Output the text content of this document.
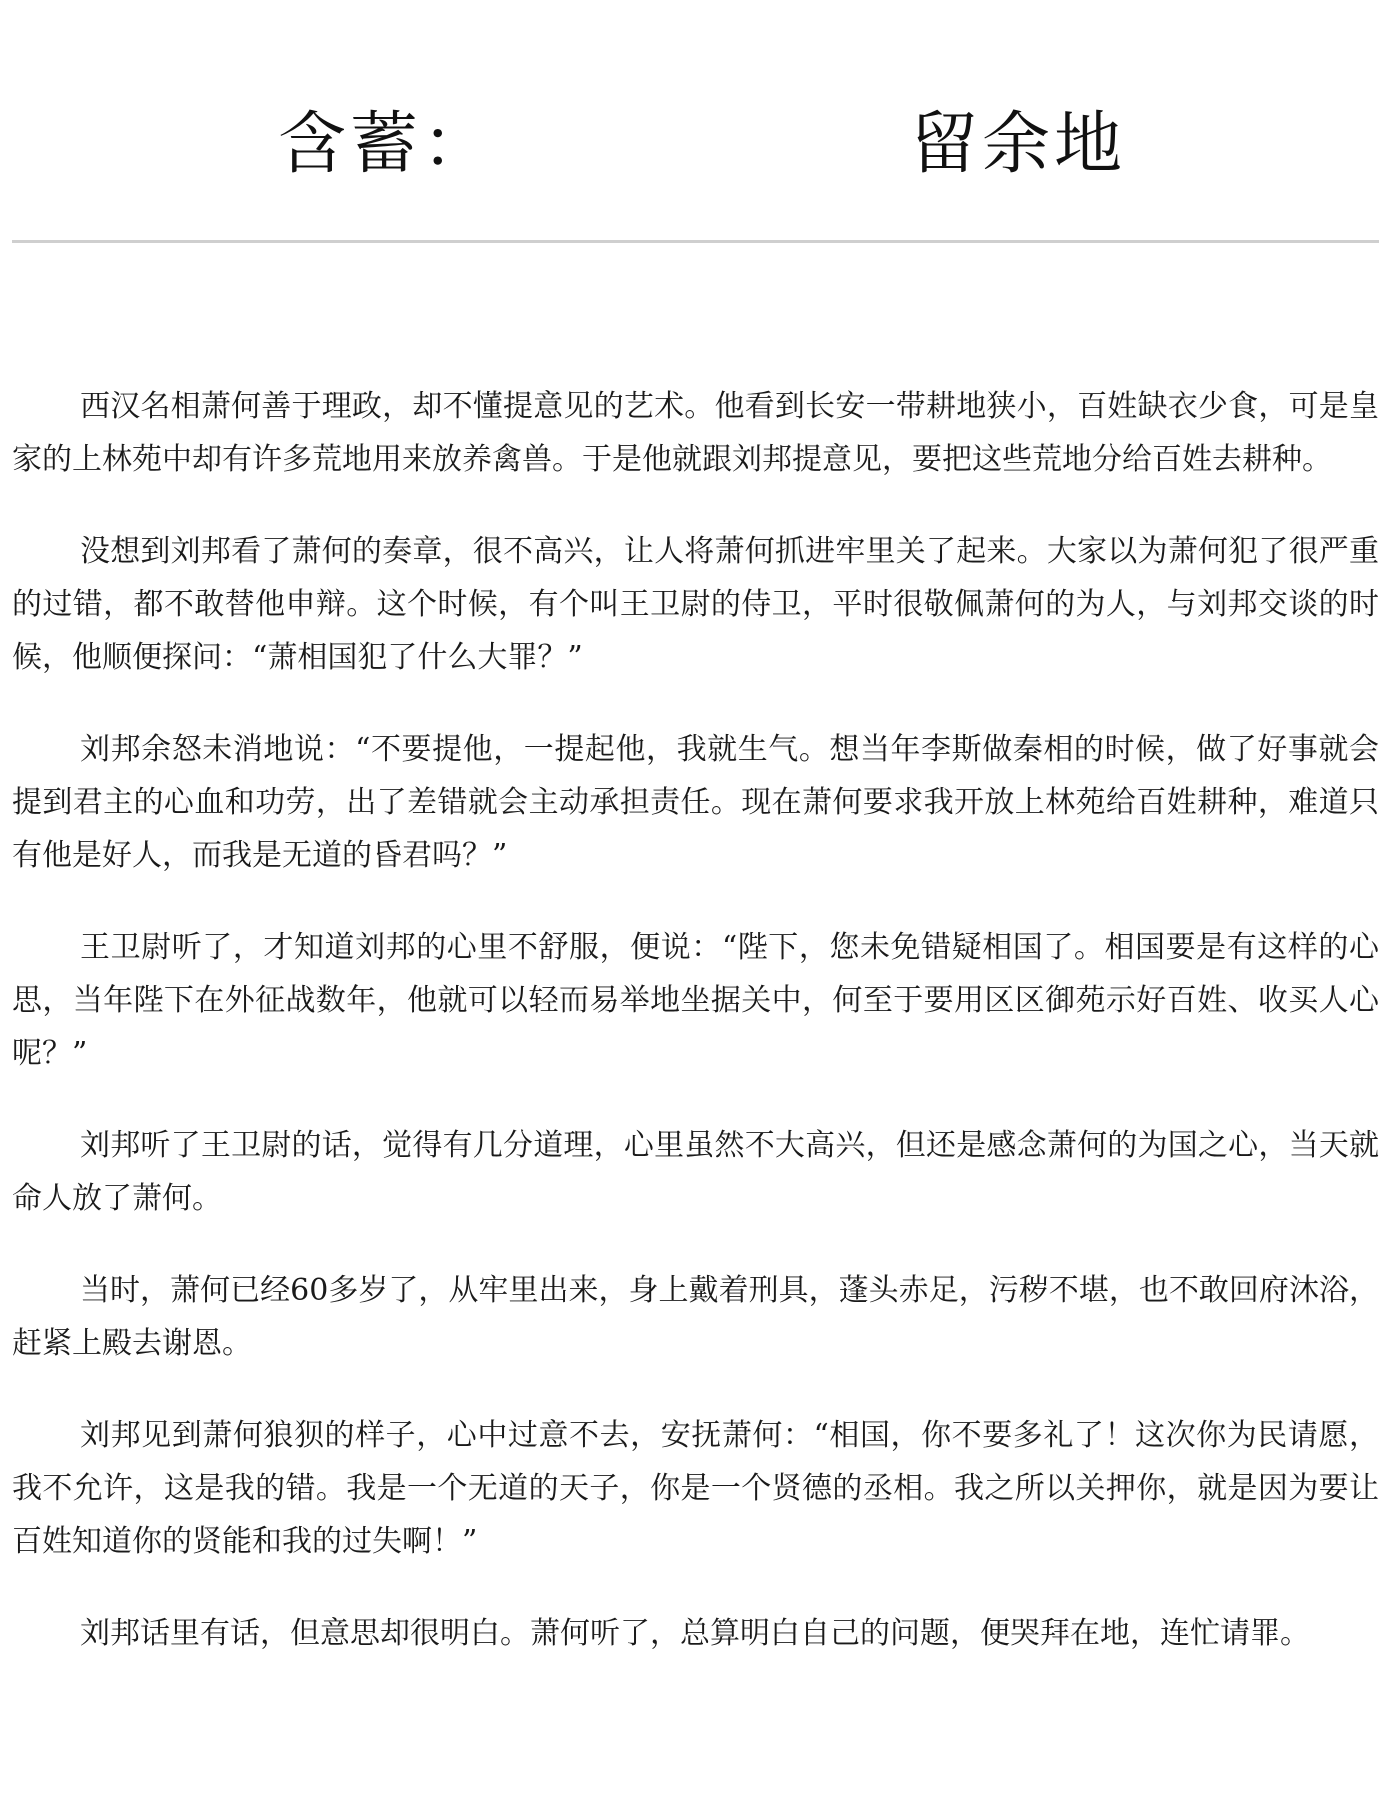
含蓄：	留余地

西汉名相萧何善于理政，却不懂提意见的艺术。他看到长安一带耕地狭小，百姓缺衣少食，可是皇家的上林苑中却有许多荒地用来放养禽兽。于是他就跟刘邦提意见，要把这些荒地分给百姓去耕种。

没想到刘邦看了萧何的奏章，很不高兴，让人将萧何抓进牢里关了起来。大家以为萧何犯了很严重的过错，都不敢替他申辩。这个时候，有个叫王卫尉的侍卫，平时很敬佩萧何的为人，与刘邦交谈的时候，他顺便探问：“萧相国犯了什么大罪？”

刘邦余怒未消地说：“不要提他，一提起他，我就生气。想当年李斯做秦相的时候，做了好事就会提到君主的心血和功劳，出了差错就会主动承担责任。现在萧何要求我开放上林苑给百姓耕种，难道只有他是好人，而我是无道的昏君吗？”

王卫尉听了，才知道刘邦的心里不舒服，便说：“陛下，您未免错疑相国了。相国要是有这样的心思，当年陛下在外征战数年，他就可以轻而易举地坐据关中，何至于要用区区御苑示好百姓、收买人心呢？”

刘邦听了王卫尉的话，觉得有几分道理，心里虽然不大高兴，但还是感念萧何的为国之心，当天就命人放了萧何。

当时，萧何已经60多岁了，从牢里出来，身上戴着刑具，蓬头赤足，污秽不堪，也不敢回府沐浴，赶紧上殿去谢恩。

刘邦见到萧何狼狈的样子，心中过意不去，安抚萧何：“相国，你不要多礼了！这次你为民请愿，我不允许，这是我的错。我是一个无道的天子，你是一个贤德的丞相。我之所以关押你，就是因为要让百姓知道你的贤能和我的过失啊！”

刘邦话里有话，但意思却很明白。萧何听了，总算明白自己的问题，便哭拜在地，连忙请罪。
